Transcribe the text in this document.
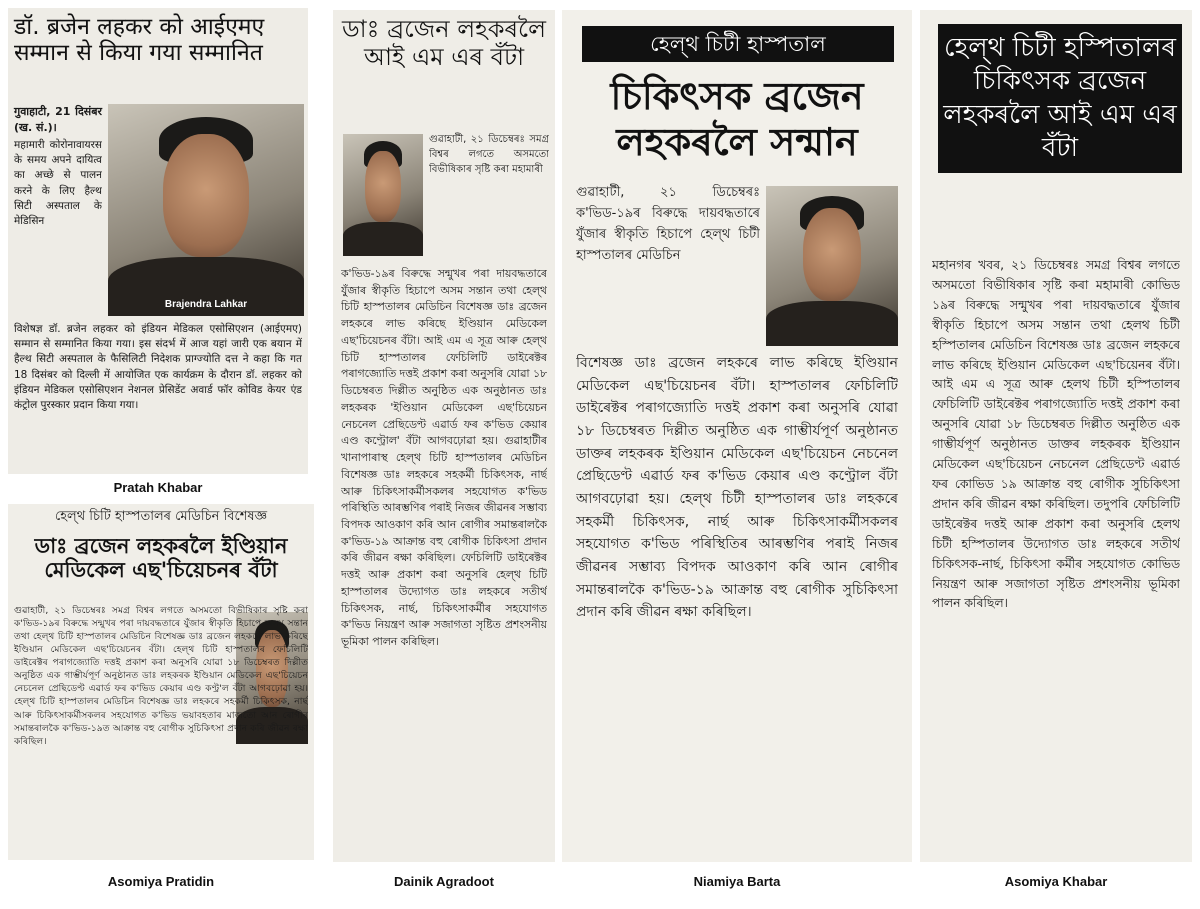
डॉ. ब्रजेन लहकर को आईएमए सम्मान से किया गया सम्मानित
गुवाहाटी, 21 दिसंबर (ख. सं.)।
महामारी कोरोनावायरस के समय अपने दायित्व का अच्छे से पालन करने के लिए हैल्थ सिटी अस्पताल के मेडिसिन
Brajendra Lahkar
विशेषज्ञ डॉ. ब्रजेन लहकर को इंडियन मेडिकल एसोसिएशन (आईएमए) सम्मान से सम्मानित किया गया। इस संदर्भ में आज यहां जारी एक बयान में हैल्थ सिटी अस्पताल के फैसिलिटी निदेशक प्राग्ज्योति दत्त ने कहा कि गत 18 दिसंबर को दिल्ली में आयोजित एक कार्यक्रम के दौरान डॉ. लहकर को इंडियन मेडिकल एसोसिएशन नेशनल प्रेसिडेंट अवार्ड फॉर कोविड केयर एंड कंट्रोल पुरस्कार प्रदान किया गया।
Pratah Khabar
হেল্থ চিটি হাস্পতালৰ মেডিচিন বিশেষজ্ঞ
ডাঃ ব্ৰজেন লহকৰলৈ ইণ্ডিয়ান মেডিকেল এছ'চিয়েচনৰ বঁটা
গুৱাহাটী, ২১ ডিচেম্বৰঃ সমগ্ৰ বিশ্বৰ লগতে অসমতো বিভীষিকাৰ সৃষ্টি কৰা ক'ভিড-১৯ৰ বিৰুদ্ধে সন্মুখৰ পৰা দায়বদ্ধতাৰে যুঁজাৰ স্বীকৃতি হিচাপে অসম সন্তান তথা হেল্থ চিটি হাস্পতালৰ মেডিচিন বিশেষজ্ঞ ডাঃ ব্ৰজেন লহকৰে লাভ কৰিছে ইণ্ডিয়ান মেডিকেল এছ'চিয়েচনৰ বঁটা। হেল্থ চিটি হাস্পতালৰ ফেচিলিটি ডাইৰেক্টৰ পৰাগজ্যোতি দত্তই প্ৰকাশ কৰা অনুসৰি যোৱা ১৮ ডিচেম্বৰত দিল্লীত অনুষ্ঠিত এক গাম্ভীৰ্যপূৰ্ণ অনুষ্ঠানত ডাঃ লহকৰক ইণ্ডিয়ান মেডিকেল এছ'চিয়েচন নেচনেল প্ৰেছিডেণ্ট এৱাৰ্ড ফৰ ক'ভিড কেয়াৰ এণ্ড কণ্ট্ৰ'ল বঁটা আগবঢ়োৱা হয়। হেল্থ চিটি হাস্পতালৰ মেডিচিন বিশেষজ্ঞ ডাঃ লহকৰে সহকৰ্মী চিকিৎসক, নাৰ্ছ আৰু চিকিৎসাকৰ্মীসকলৰ সহযোগত ক'ভিড ভয়াবহতাৰ মাজতো আন ৰোগীৰ সমান্তৰালকৈ ক'ভিড-১৯ত আক্ৰান্ত বহু ৰোগীক সুচিকিৎসা প্ৰদান কৰি জীৱন ৰক্ষা কৰিছিল।
Asomiya Pratidin
ডাঃ ব্ৰজেন লহকৰলৈ আই এম এৰ বঁটা
গুৱাহাটী, ২১ ডিচেম্বৰঃ সমগ্ৰ বিশ্বৰ লগতে অসমতো বিভীষিকাৰ সৃষ্টি কৰা মহামাৰী
ক'ভিড-১৯ৰ বিৰুদ্ধে সন্মুখৰ পৰা দায়বদ্ধতাৰে যুঁজাৰ স্বীকৃতি হিচাপে অসম সন্তান তথা হেল্থ চিটি হাস্পতালৰ মেডিচিন বিশেষজ্ঞ ডাঃ ব্ৰজেন লহকৰে লাভ কৰিছে ইণ্ডিয়ান মেডিকেল এছ'চিয়েচনৰ বঁটা। আই এম এ সূত্ৰ আৰু হেল্থ চিটি হাস্পতালৰ ফেচিলিটি ডাইৰেক্টৰ পৰাগজ্যোতি দত্তই প্ৰকাশ কৰা অনুসৰি যোৱা ১৮ ডিচেম্বৰত দিল্লীত অনুষ্ঠিত এক অনুষ্ঠানত ডাঃ লহকৰক 'ইণ্ডিয়ান মেডিকেল এছ'চিয়েচন নেচনেল প্ৰেছিডেণ্ট এৱাৰ্ড ফৰ ক'ভিড কেয়াৰ এণ্ড কণ্ট্ৰোল' বঁটা আগবঢ়োৱা হয়। গুৱাহাটীৰ খানাপাৰাস্থ হেল্থ চিটি হাস্পতালৰ মেডিচিন বিশেষজ্ঞ ডাঃ লহকৰে সহকৰ্মী চিকিৎসক, নাৰ্ছ আৰু চিকিৎসাকৰ্মীসকলৰ সহযোগত ক'ভিড পৰিস্থিতি আৰম্ভণিৰ পৰাই নিজৰ জীৱনৰ সম্ভাব্য বিপদক আওকাণ কৰি আন ৰোগীৰ সমান্তৰালকৈ ক'ভিড-১৯ আক্ৰান্ত বহু ৰোগীক চিকিৎসা প্ৰদান কৰি জীৱন ৰক্ষা কৰিছিল। ফেচিলিটি ডাইৰেক্টৰ দত্তই আৰু প্ৰকাশ কৰা অনুসৰি হেল্থ চিটি হাস্পতালৰ উদ্যোগত ডাঃ লহকৰে সতীৰ্থ চিকিৎসক, নাৰ্ছ, চিকিৎসাকৰ্মীৰ সহযোগত ক'ভিড নিয়ন্ত্ৰণ আৰু সজাগতা সৃষ্টিত প্ৰশংসনীয় ভূমিকা পালন কৰিছিল।
Dainik Agradoot
হেল্থ চিটী হাস্পতাল
চিকিৎসক ব্ৰজেন লহকৰলৈ সন্মান
গুৱাহাটী, ২১ ডিচেম্বৰঃ ক'ভিড-১৯ৰ বিৰুদ্ধে দায়বদ্ধতাৰে যুঁজাৰ স্বীকৃতি হিচাপে হেল্থ চিটী হাস্পতালৰ মেডিচিন
বিশেষজ্ঞ ডাঃ ব্ৰজেন লহকৰে লাভ কৰিছে ইণ্ডিয়ান মেডিকেল এছ'চিয়েচনৰ বঁটা। হাস্পতালৰ ফেচিলিটি ডাইৰেক্টৰ পৰাগজ্যোতি দত্তই প্ৰকাশ কৰা অনুসৰি যোৱা ১৮ ডিচেম্বৰত দিল্লীত অনুষ্ঠিত এক গাম্ভীৰ্যপূৰ্ণ অনুষ্ঠানত ডাক্তৰ লহকৰক ইণ্ডিয়ান মেডিকেল এছ'চিয়েচন নেচনেল প্ৰেছিডেণ্ট এৱাৰ্ড ফৰ ক'ভিড কেয়াৰ এণ্ড কণ্ট্ৰোল বঁটা আগবঢ়োৱা হয়। হেল্থ চিটী হাস্পতালৰ ডাঃ লহকৰে সহকৰ্মী চিকিৎসক, নাৰ্ছ আৰু চিকিৎসাকৰ্মীসকলৰ সহযোগত ক'ভিড পৰিস্থিতিৰ আৰম্ভণিৰ পৰাই নিজৰ জীৱনৰ সম্ভাব্য বিপদক আওকাণ কৰি আন ৰোগীৰ সমান্তৰালকৈ ক'ভিড-১৯ আক্ৰান্ত বহু ৰোগীক সুচিকিৎসা প্ৰদান কৰি জীৱন ৰক্ষা কৰিছিল।
Niamiya Barta
হেল্থ চিটী হস্পিতালৰ চিকিৎসক ব্ৰজেন লহকৰলৈ আই এম এৰ বঁটা
মহানগৰ খবৰ, ২১ ডিচেম্বৰঃ সমগ্ৰ বিশ্বৰ লগতে অসমতো বিভীষিকাৰ সৃষ্টি কৰা মহামাৰী কোভিড ১৯ৰ বিৰুদ্ধে সন্মুখৰ পৰা দায়বদ্ধতাৰে যুঁজাৰ স্বীকৃতি হিচাপে অসম সন্তান তথা হেলথ চিটী হস্পিতালৰ মেডিচিন বিশেষজ্ঞ ডাঃ ব্ৰজেন লহকৰে লাভ কৰিছে ইণ্ডিয়ান মেডিকেল এছ'চিয়েনৰ বঁটা। আই এম এ সূত্ৰ আৰু হেলথ চিটী হস্পিতালৰ ফেচিলিটি ডাইৰেক্টৰ পৰাগজ্যোতি দত্তই প্ৰকাশ কৰা অনুসৰি যোৱা ১৮ ডিচেম্বৰত দিল্লীত অনুষ্ঠিত এক গাম্ভীৰ্যপূৰ্ণ অনুষ্ঠানত ডাক্তৰ লহকৰক ইণ্ডিয়ান মেডিকেল এছ'চিয়েচন নেচনেল প্ৰেছিডেণ্ট এৱাৰ্ড ফৰ কোভিড ১৯ আক্ৰান্ত বহু ৰোগীক সুচিকিৎসা প্ৰদান কৰি জীৱন ৰক্ষা কৰিছিল। তদুপৰি ফেচিলিটি ডাইৰেক্টৰ দত্তই আৰু প্ৰকাশ কৰা অনুসৰি হেলথ চিটী হস্পিতালৰ উদ্যোগত ডাঃ লহকৰে সতীৰ্থ চিকিৎসক-নাৰ্ছ, চিকিৎসা কৰ্মীৰ সহযোগত কোভিড নিয়ন্ত্ৰণ আৰু সজাগতা সৃষ্টিত প্ৰশংসনীয় ভূমিকা পালন কৰিছিল।
Asomiya Khabar
